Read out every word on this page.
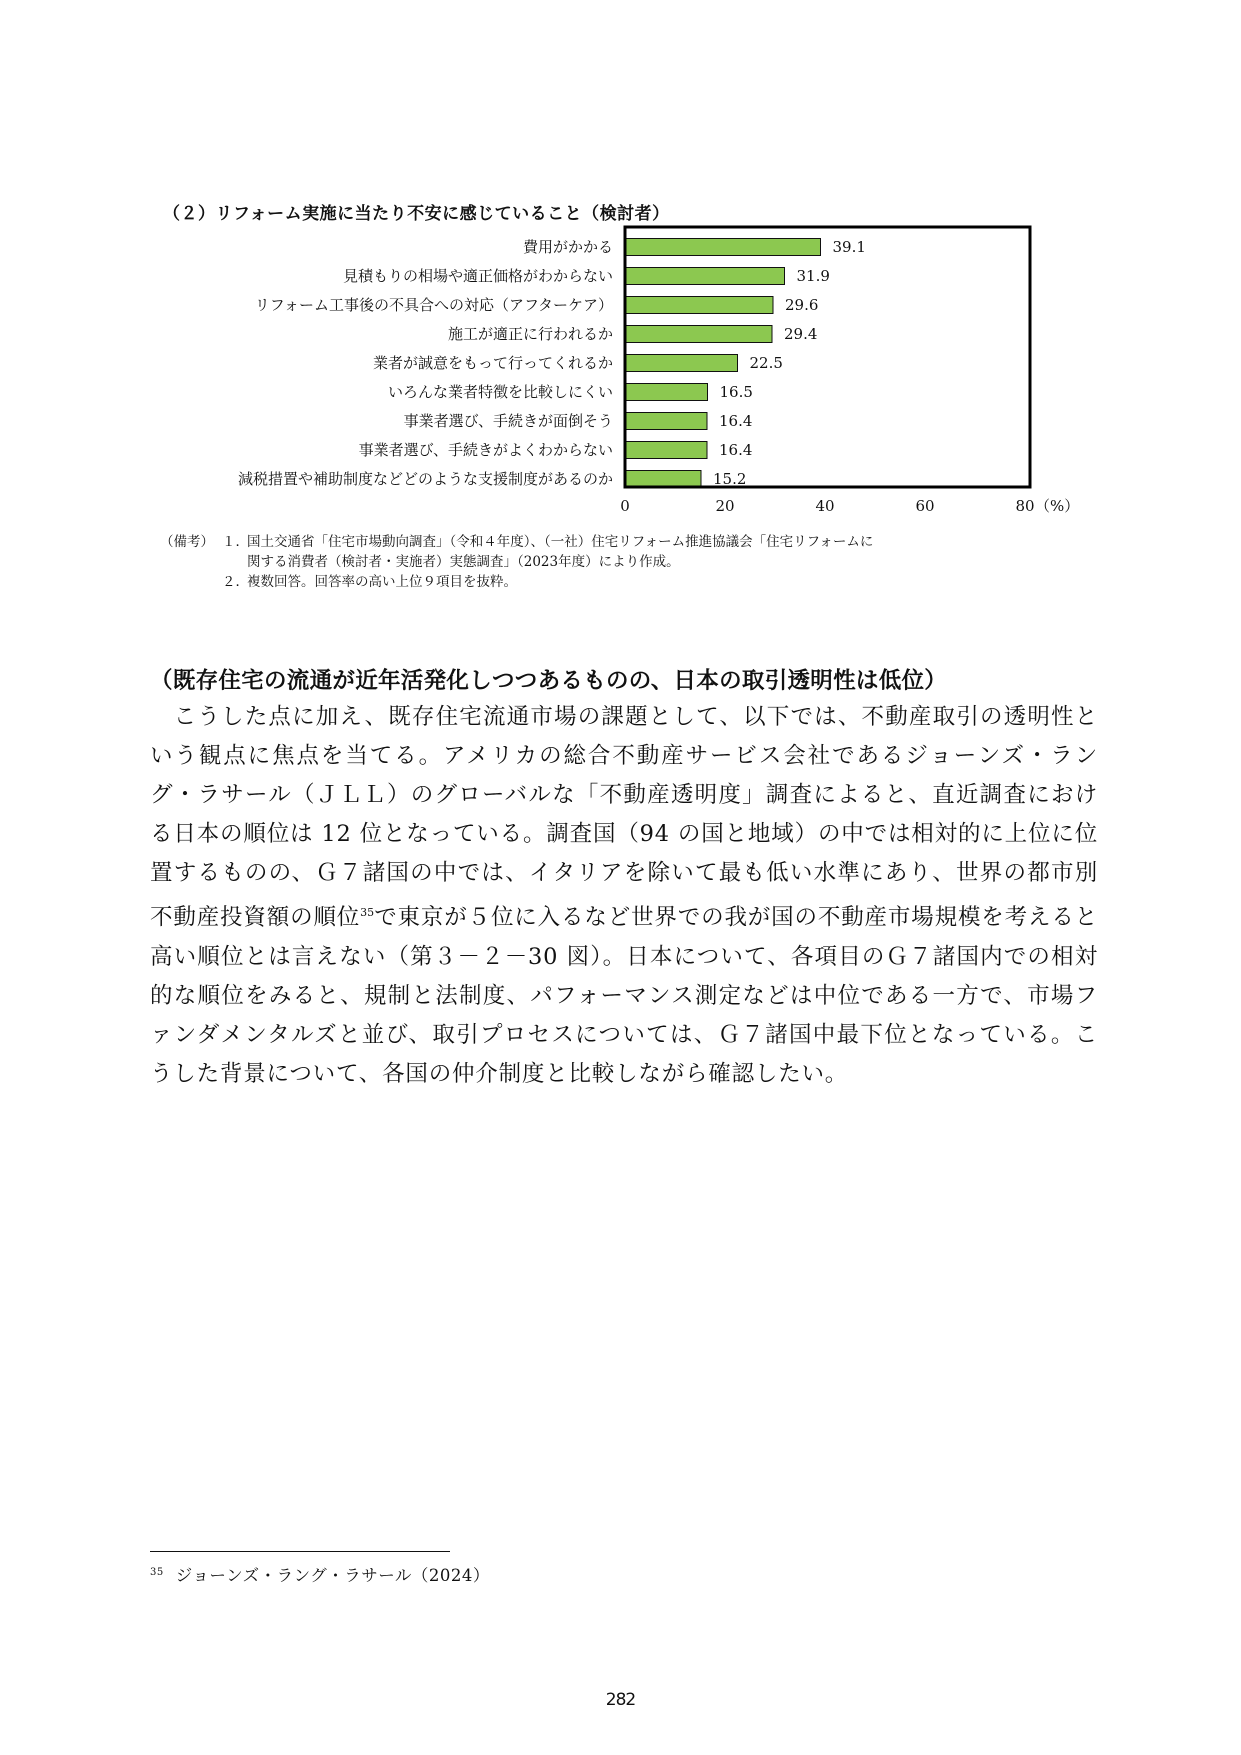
（２）リフォーム実施に当たり不安に感じていること（検討者）
費用がかかる	39.1
見積もりの相場や適正価格がわからない	31.9
リフォーム工事後の不具合への対応（アフターケア）	29.6
施工が適正に行われるか	29.4
業者が誠意をもって行ってくれるか	22.5
いろんな業者特徴を比較しにくい	16.5
事業者選び、手続きが面倒そう	16.4
事業者選び、手続きがよくわからない	16.4
減税措置や補助制度などどのような支援制度があるのか	15.2
0	20	40	60	80 （%）
（備考） １．
国土交通省「住宅市場動向調査」（令和４年度）、（一社）住宅リフォーム推進協議会「住宅リフォームに
関する消費者（検討者・実施者）実態調査」（2023年度）により作成。
２．
複数回答。回答率の高い上位９項目を抜粋。
（既存住宅の流通が近年活発化しつつあるものの、日本の取引透明性は低位）

　こうした点に加え、既存住宅流通市場の課題として、以下では、不動産取引の透明性という観点に焦点を当てる。アメリカの総合不動産サービス会社であるジョーンズ・ラング・ラサール（ＪＬＬ）のグローバルな「不動産透明度」調査によると、直近調査における日本の順位は 12 位となっている。調査国（94 の国と地域）の中では相対的に上位に位置するものの、Ｇ７諸国の中では、イタリアを除いて最も低い水準にあり、世界の都市別不動産投資額の順位$^{35}$で東京が５位に入るなど世界での我が国の不動産市場規模を考えると高い順位とは言えない（第３－２－30 図）。日本について、各項目のＧ７諸国内での相対的な順位をみると、規制と法制度、パフォーマンス測定などは中位である一方で、市場ファンダメンタルズと並び、取引プロセスについては、Ｇ７諸国中最下位となっている。こうした背景について、各国の仲介制度と比較しながら確認したい。

$^{35}$ ジョーンズ・ラング・ラサール（2024）
282
